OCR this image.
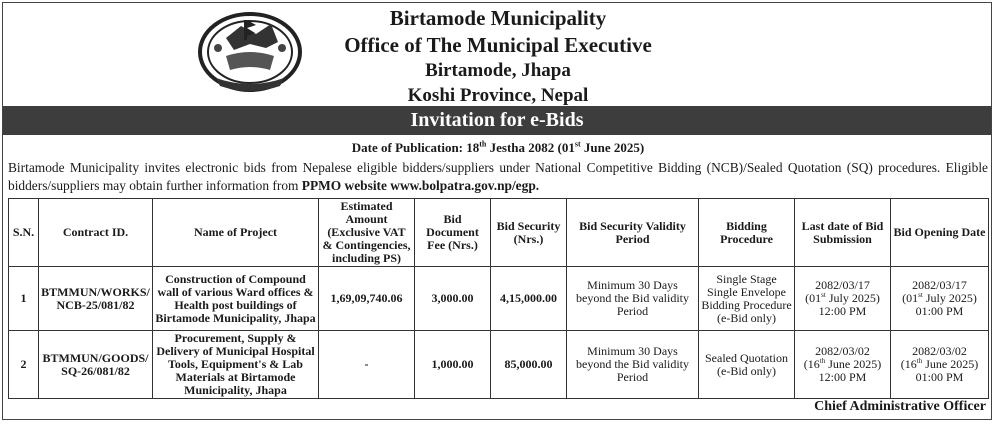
Birtamode Municipality
Office of The Municipal Executive
Birtamode, Jhapa
Koshi Province, Nepal
Invitation for e-Bids
Date of Publication: 18th Jestha 2082 (01st June 2025)
Birtamode Municipality invites electronic bids from Nepalese eligible bidders/suppliers under National Competitive Bidding (NCB)/Sealed Quotation (SQ) procedures. Eligible bidders/suppliers may obtain further information from PPMO website www.bolpatra.gov.np/egp.
S.N.	Contract ID.	Name of Project	Estimated Amount (Exclusive VAT & Contingencies, including PS)	Bid Document Fee (Nrs.)	Bid Security (Nrs.)	Bid Security Validity Period	Bidding Procedure	Last date of Bid Submission	Bid Opening Date
1	BTMMUN/WORKS/ NCB-25/081/82	Construction of Compound wall of various Ward offices & Health post buildings of Birtamode Municipality, Jhapa	1,69,09,740.06	3,000.00	4,15,000.00	Minimum 30 Days beyond the Bid validity Period	Single Stage Single Envelope Bidding Procedure (e-Bid only)	2082/03/17
(01st July 2025)
12:00 PM	2082/03/17
(01st July 2025)
01:00 PM
2	BTMMUN/GOODS/ SQ-26/081/82	Procurement, Supply & Delivery of Municipal Hospital Tools, Equipment's & Lab Materials at Birtamode Municipality, Jhapa	-	1,000.00	85,000.00	Minimum 30 Days beyond the Bid validity Period	Sealed Quotation (e-Bid only)	2082/03/02
(16th June 2025)
12:00 PM	2082/03/02
(16th June 2025)
01:00 PM
Chief Administrative Officer
